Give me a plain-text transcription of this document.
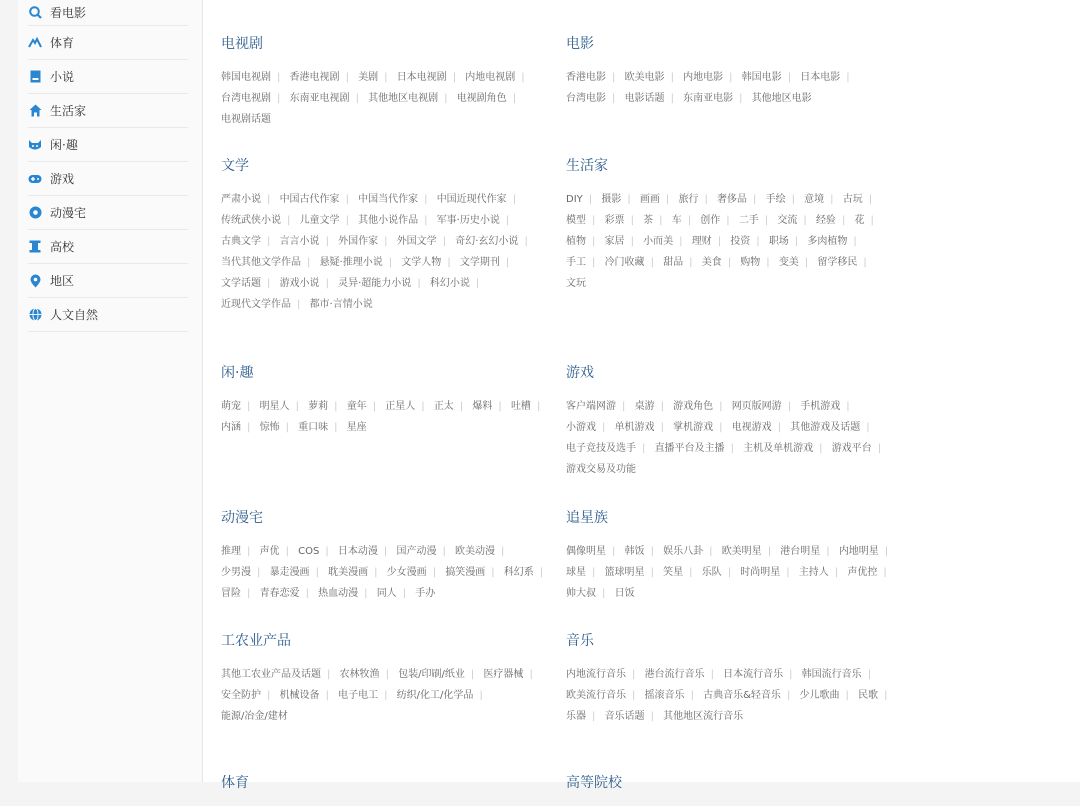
看电影
体育
小说
生活家
闲·趣
游戏
动漫宅
高校
地区
人文自然
电视剧
韩国电视剧 | 香港电视剧 | 美剧 | 日本电视剧 | 内地电视剧 | 台湾电视剧 | 东南亚电视剧 | 其他地区电视剧 | 电视剧角色 | 电视剧话题
电影
香港电影 | 欧美电影 | 内地电影 | 韩国电影 | 日本电影 | 台湾电影 | 电影话题 | 东南亚电影 | 其他地区电影
文学
严肃小说 | 中国古代作家 | 中国当代作家 | 中国近现代作家 | 传统武侠小说 | 儿童文学 | 其他小说作品 | 军事·历史小说 | 古典文学 | 言言小说 | 外国作家 | 外国文学 | 奇幻·玄幻小说 | 当代其他文学作品 | 悬疑·推理小说 | 文学人物 | 文学期刊 | 文学话题 | 游戏小说 | 灵异·超能力小说 | 科幻小说 | 近现代文学作品 | 都市·言情小说
生活家
DIY | 摄影 | 画画 | 旅行 | 奢侈品 | 手绘 | 意境 | 古玩 | 模型 | 彩票 | 茶 | 车 | 创作 | 二手 | 交流 | 经验 | 花 | 植物 | 家居 | 小而美 | 理财 | 投资 | 职场 | 多肉植物 | 手工 | 冷门收藏 | 甜品 | 美食 | 购物 | 变美 | 留学移民 | 文玩
闲·趣
萌宠 | 明星人 | 萝莉 | 童年 | 正星人 | 正太 | 爆料 | 吐槽 | 内涵 | 惊怖 | 重口味 | 星座
游戏
客户端网游 | 桌游 | 游戏角色 | 网页版网游 | 手机游戏 | 小游戏 | 单机游戏 | 掌机游戏 | 电视游戏 | 其他游戏及话题 | 电子竞技及选手 | 直播平台及主播 | 主机及单机游戏 | 游戏平台 | 游戏交易及功能
动漫宅
推理 | 声优 | COS | 日本动漫 | 国产动漫 | 欧美动漫 | 少男漫 | 暴走漫画 | 耽美漫画 | 少女漫画 | 搞笑漫画 | 科幻系 | 冒险 | 青春恋爱 | 热血动漫 | 同人 | 手办
追星族
偶像明星 | 韩饭 | 娱乐八卦 | 欧美明星 | 港台明星 | 内地明星 | 球星 | 篮球明星 | 笑星 | 乐队 | 时尚明星 | 主持人 | 声优控 | 帅大叔 | 日饭
工农业产品
其他工农业产品及话题 | 农林牧渔 | 包装/印刷/纸业 | 医疗器械 | 安全防护 | 机械设备 | 电子电工 | 纺织/化工/化学品 | 能源/冶金/建材
音乐
内地流行音乐 | 港台流行音乐 | 日本流行音乐 | 韩国流行音乐 | 欧美流行音乐 | 摇滚音乐 | 古典音乐&轻音乐 | 少儿歌曲 | 民歌 | 乐器 | 音乐话题 | 其他地区流行音乐
体育	高等院校
